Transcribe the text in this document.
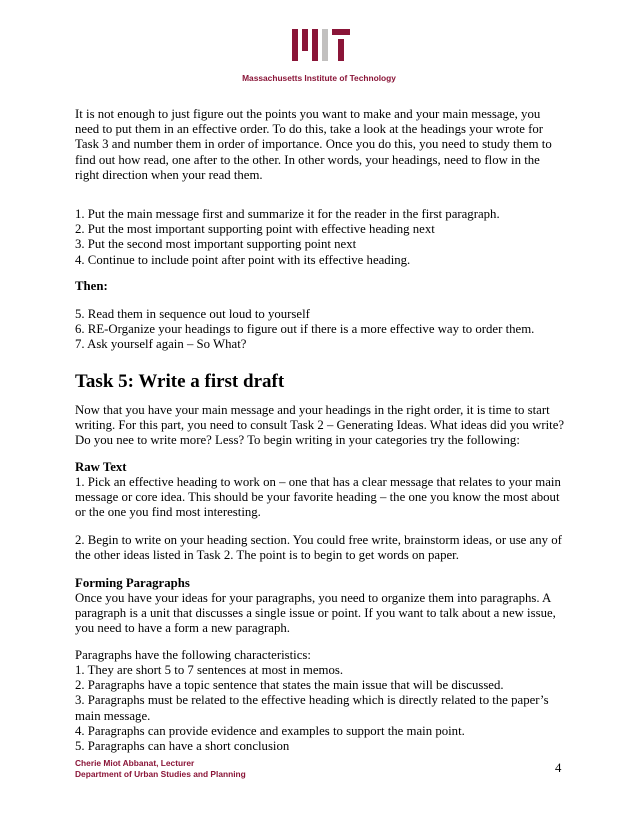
Massachusetts Institute of Technology

It is not enough to just figure out the points you want to make and your main message, you need to put them in an effective order. To do this, take a look at the headings your wrote for Task 3 and number them in order of importance. Once you do this, you need to study them to find out how read, one after to the other. In other words, your headings, need to flow in the right direction when your read them.

1. Put the main message first and summarize it for the reader in the first paragraph.

2. Put the most important supporting point with effective heading next

3. Put the second most important supporting point next

4. Continue to include point after point with its effective heading.

Then:

5. Read them in sequence out loud to yourself

6. RE-Organize your headings to figure out if there is a more effective way to order them.

7. Ask yourself again – So What?

Task 5: Write a first draft
Now that you have your main message and your headings in the right order, it is time to start writing. For this part, you need to consult Task 2 – Generating Ideas. What ideas did you write? Do you nee to write more? Less? To begin writing in your categories try the following:
Raw Text
1. Pick an effective heading to work on – one that has a clear message that relates to your main message or core idea. This should be your favorite heading – the one you know the most about or the one you find most interesting.
2. Begin to write on your heading section. You could free write, brainstorm ideas, or use any of the other ideas listed in Task 2. The point is to begin to get words on paper.
Forming Paragraphs
Once you have your ideas for your paragraphs, you need to organize them into paragraphs. A paragraph is a unit that discusses a single issue or point. If you want to talk about a new issue, you need to have a form a new paragraph.
Paragraphs have the following characteristics:

1. They are short 5 to 7 sentences at most in memos.

2. Paragraphs have a topic sentence that states the main issue that will be discussed.

3. Paragraphs must be related to the effective heading which is directly related to the paper’s main message.

4. Paragraphs can provide evidence and examples to support the main point.

5. Paragraphs can have a short conclusion

Cherie Miot Abbanat, Lecturer
Department of Urban Studies and Planning	4
